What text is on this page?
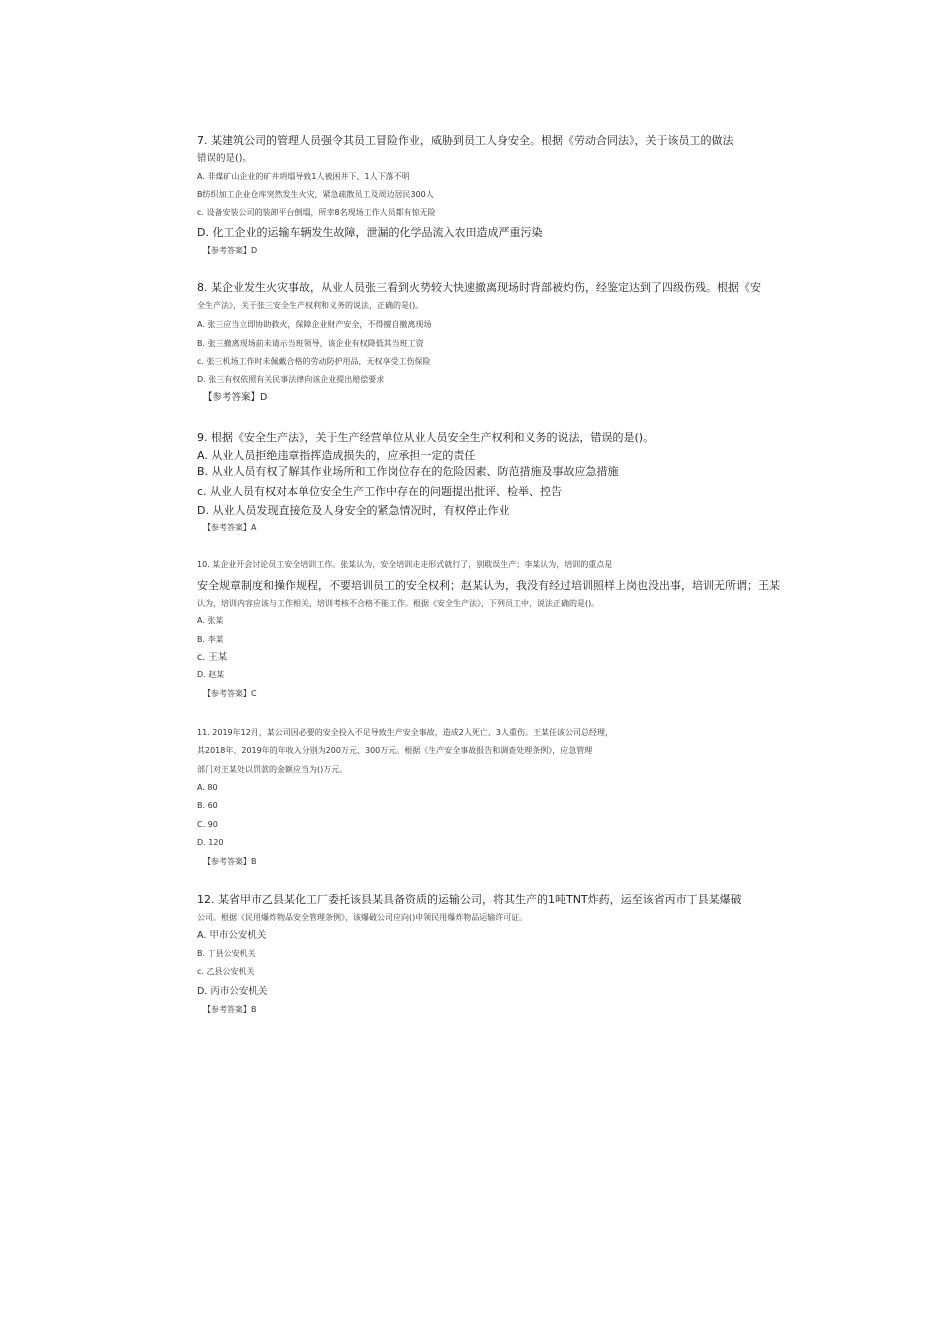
7. 某建筑公司的管理人员强令其员工冒险作业，威胁到员工人身安全。根据《劳动合同法》，关于该员工的做法
错误的是()。
A. 非煤矿山企业的矿井坍塌导致1人被困井下、1人下落不明
B纺织加工企业仓库突然发生火灾，紧急疏散员工及周边居民300人
c. 设备安装公司的装卸平台倒塌，所幸8名现场工作人员都有惊无险
D. 化工企业的运输车辆发生故障，泄漏的化学品流入农田造成严重污染
【参考答案】D
8. 某企业发生火灾事故，从业人员张三看到火势较大快速撤离现场时背部被灼伤，经鉴定达到了四级伤残。根据《安
全生产法》，关于张三安全生产权利和义务的说法，正确的是()。
A. 张三应当立即协助救火，保障企业财产安全，不得擅自撤离现场
B. 张三撤离现场前未请示当班领导，该企业有权降低其当班工资
c. 张三机场工作时未佩戴合格的劳动防护用品，无权享受工伤保险
D. 张三有权依照有关民事法律向该企业提出赔偿要求
【参考答案】D
9. 根据《安全生产法》，关于生产经营单位从业人员安全生产权利和义务的说法，错误的是()。
A. 从业人员拒绝违章指挥造成损失的，应承担一定的责任
B. 从业人员有权了解其作业场所和工作岗位存在的危险因素、防范措施及事故应急措施
c. 从业人员有权对本单位安全生产工作中存在的问题提出批评、检举、控告
D. 从业人员发现直接危及人身安全的紧急情况时，有权停止作业
【参考答案】A
10. 某企业开会讨论员工安全培训工作。张某认为，安全培训走走形式就行了，别耽误生产；李某认为，培训的重点是
安全规章制度和操作规程，不要培训员工的安全权利；赵某认为，我没有经过培训照样上岗也没出事，培训无所谓；王某
认为，培训内容应该与工作相关，培训考核不合格不能工作。根据《安全生产法》，下列员工中，说法正确的是()。
A. 张某
B. 李某
c. 王某
D. 赵某
【参考答案】C
11. 2019年12月，某公司因必要的安全投入不足导致生产安全事故，造成2人死亡、3人重伤。王某任该公司总经理，
其2018年、2019年的年收入分别为200万元、300万元。根据《生产安全事故报告和调查处理条例》，应急管理
部门对王某处以罚款的金额应当为()万元。
A. 80
B. 60
C. 90
D. 120
【参考答案】B
12. 某省甲市乙县某化工厂委托该县某具备资质的运输公司，将其生产的1吨TNT炸药，运至该省丙市丁县某爆破
公司。根据《民用爆炸物品安全管理条例》，该爆破公司应向()申领民用爆炸物品运输许可证。
A. 甲市公安机关
B. 丁县公安机关
c. 乙县公安机关
D. 丙市公安机关
【参考答案】B
